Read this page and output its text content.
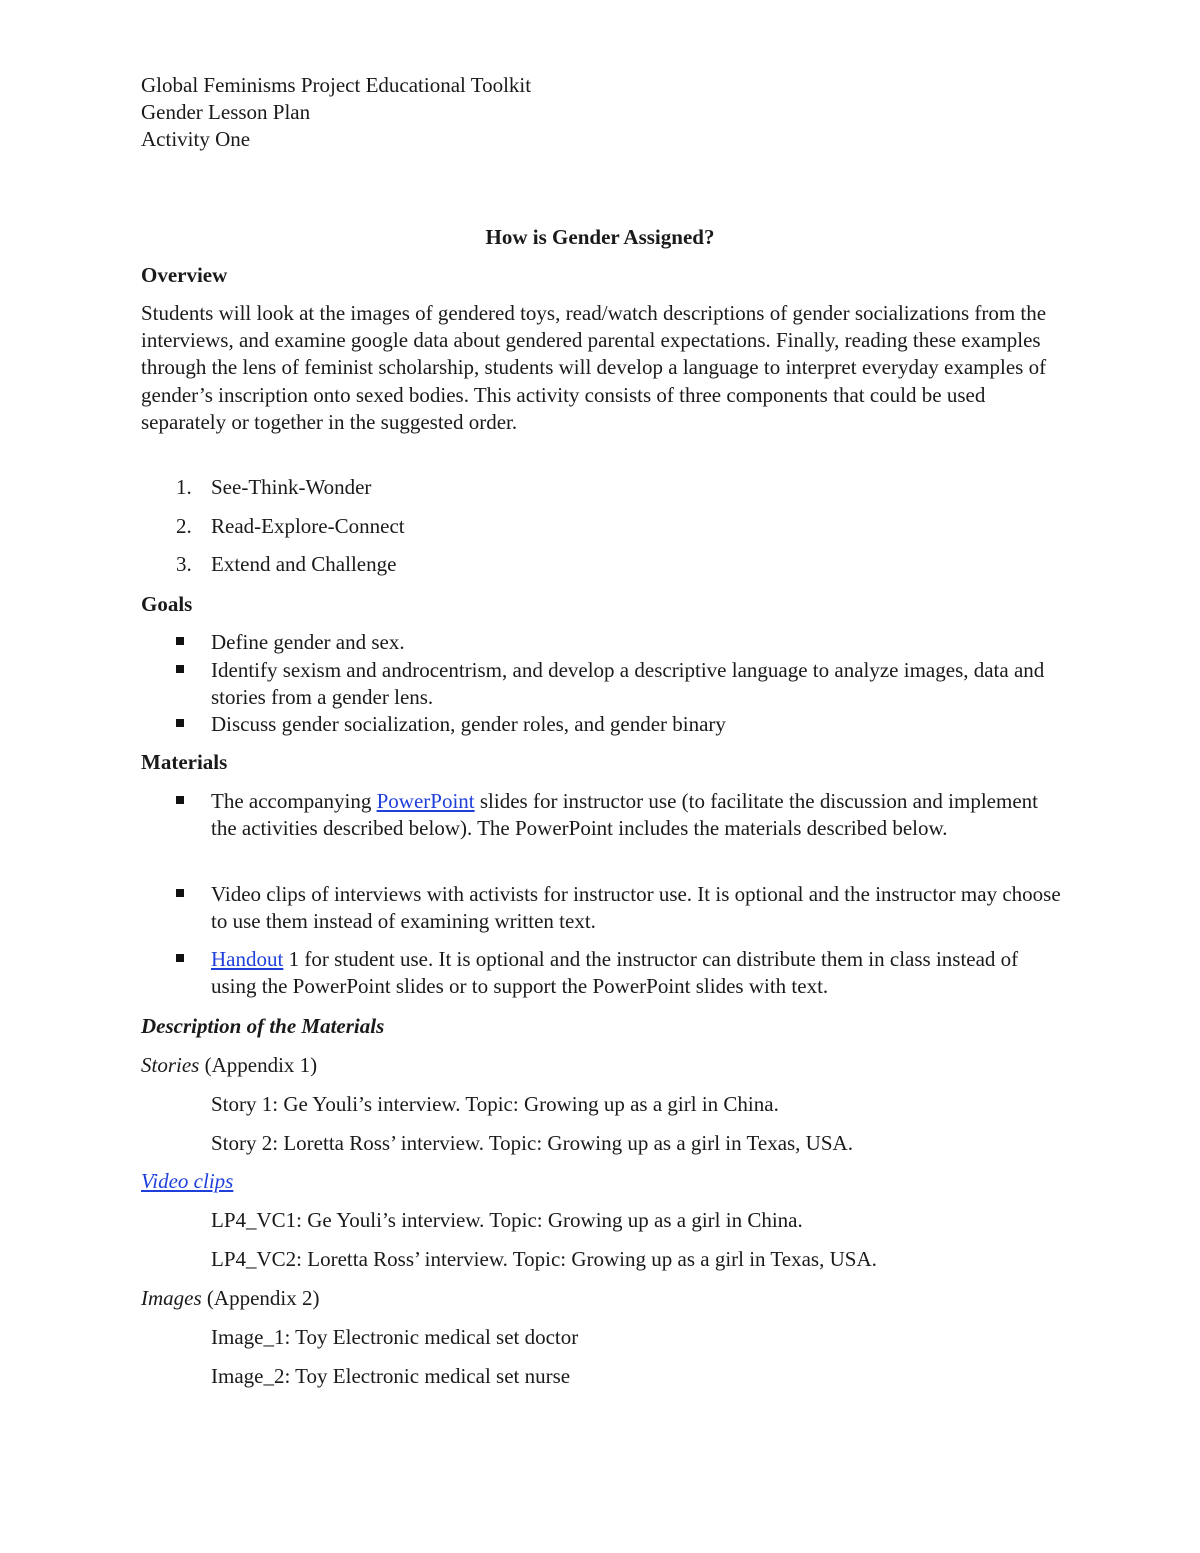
Global Feminisms Project Educational Toolkit
Gender Lesson Plan
Activity One
How is Gender Assigned?
Overview

Students will look at the images of gendered toys, read/watch descriptions of gender socializations from the interviews, and examine google data about gendered parental expectations. Finally, reading these examples through the lens of feminist scholarship, students will develop a language to interpret everyday examples of gender’s inscription onto sexed bodies. This activity consists of three components that could be used separately or together in the suggested order.

1. See-Think-Wonder
2. Read-Explore-Connect
3. Extend and Challenge
Goals
Define gender and sex.
Identify sexism and androcentrism, and develop a descriptive language to analyze images, data and stories from a gender lens.
Discuss gender socialization, gender roles, and gender binary
Materials
The accompanying PowerPoint slides for instructor use (to facilitate the discussion and implement the activities described below). The PowerPoint includes the materials described below.
Video clips of interviews with activists for instructor use. It is optional and the instructor may choose to use them instead of examining written text.
Handout 1 for student use. It is optional and the instructor can distribute them in class instead of using the PowerPoint slides or to support the PowerPoint slides with text.
Description of the Materials
Stories (Appendix 1)
Story 1: Ge Youli’s interview. Topic: Growing up as a girl in China.
Story 2: Loretta Ross’ interview. Topic: Growing up as a girl in Texas, USA.
Video clips
LP4_VC1: Ge Youli’s interview. Topic: Growing up as a girl in China.
LP4_VC2: Loretta Ross’ interview. Topic: Growing up as a girl in Texas, USA.
Images (Appendix 2)
Image_1: Toy Electronic medical set doctor
Image_2: Toy Electronic medical set nurse
